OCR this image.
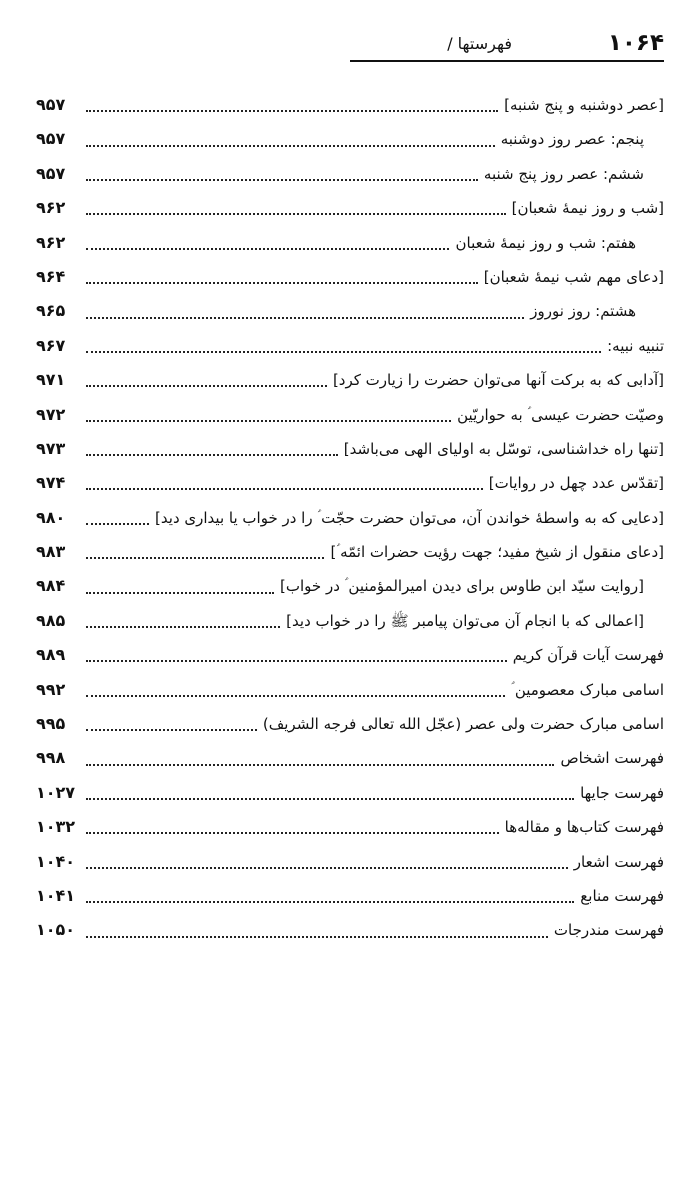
۱۰۶۴
فهرستها /
[عصر دوشنبه و پنج شنبه]
۹۵۷
پنجم: عصر روز دوشنبه
۹۵۷
ششم: عصر روز پنج شنبه
۹۵۷
[شب و روز نیمهٔ شعبان]
۹۶۲
هفتم: شب و روز نیمهٔ شعبان
۹۶۲
[دعای مهم شب نیمهٔ شعبان]
۹۶۴
هشتم: روز نوروز
۹۶۵
تنبیه نبیه:
۹۶۷
[آدابی که به برکت آنها می‌توان حضرت را زیارت کرد]
۹۷۱
وصیّت حضرت عیسی ؑ به حواریّین
۹۷۲
[تنها راه خداشناسی، توسّل به اولیای الهی می‌باشد]
۹۷۳
[تقدّس عدد چهل در روایات]
۹۷۴
[دعایی که به واسطهٔ خواندن آن، می‌توان حضرت حجّت ؑ را در خواب یا بیداری دید]
۹۸۰
[دعای منقول از شیخ مفید؛ جهت رؤیت حضرات ائمّه ؑ]
۹۸۳
[روایت سیّد ابن طاوس برای دیدن امیرالمؤمنین ؑ در خواب]
۹۸۴
[اعمالی که با انجام آن می‌توان پیامبر ﷺ را در خواب دید]
۹۸۵
فهرست آیات قرآن کریم
۹۸۹
اسامی مبارک معصومین ؑ
۹۹۲
اسامی مبارک حضرت ولی عصر (عجّل الله تعالی فرجه الشریف)
۹۹۵
فهرست اشخاص
۹۹۸
فهرست جایها
۱۰۲۷
فهرست کتاب‌ها و مقاله‌ها
۱۰۳۲
فهرست اشعار
۱۰۴۰
فهرست منابع
۱۰۴۱
فهرست مندرجات
۱۰۵۰
